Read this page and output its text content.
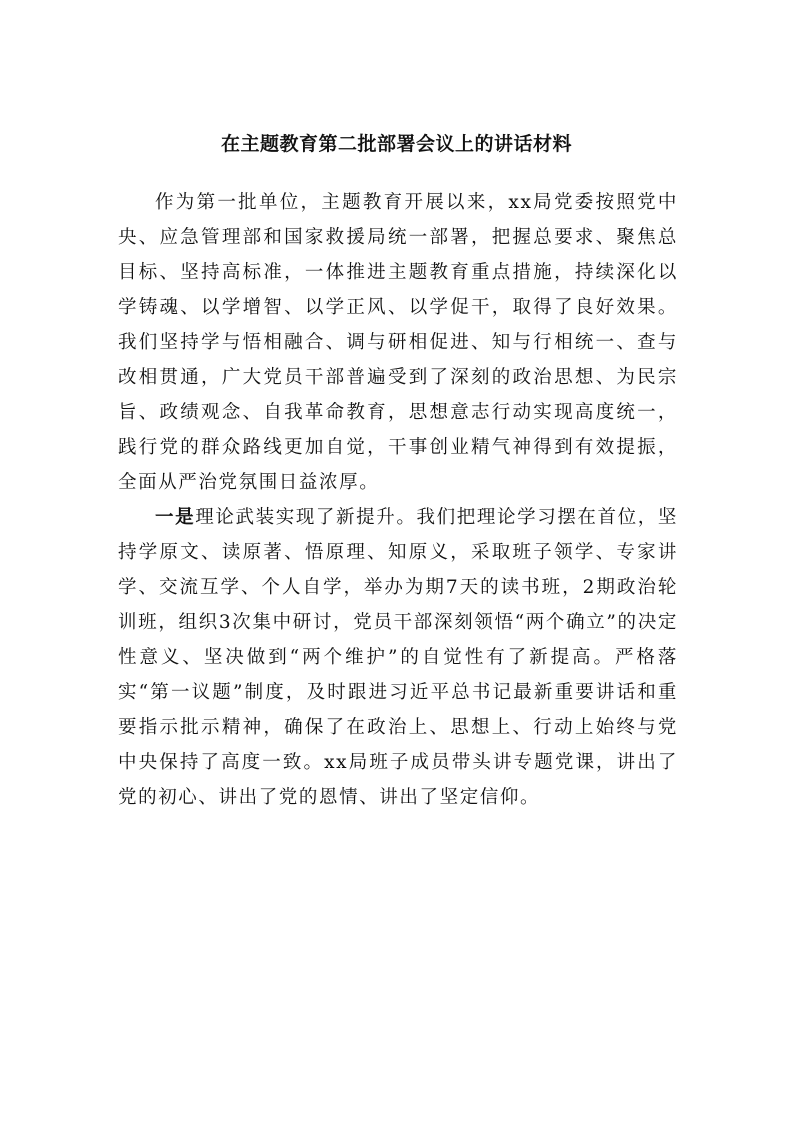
在主题教育第二批部署会议上的讲话材料

作为第一批单位，主题教育开展以来，xx局党委按照党中央、应急管理部和国家救援局统一部署，把握总要求、聚焦总目标、坚持高标准，一体推进主题教育重点措施，持续深化以学铸魂、以学增智、以学正风、以学促干，取得了良好效果。我们坚持学与悟相融合、调与研相促进、知与行相统一、查与改相贯通，广大党员干部普遍受到了深刻的政治思想、为民宗旨、政绩观念、自我革命教育，思想意志行动实现高度统一，践行党的群众路线更加自觉，干事创业精气神得到有效提振，全面从严治党氛围日益浓厚。

一是理论武装实现了新提升。我们把理论学习摆在首位，坚持学原文、读原著、悟原理、知原义，采取班子领学、专家讲学、交流互学、个人自学，举办为期7天的读书班，2期政治轮训班，组织3次集中研讨，党员干部深刻领悟“两个确立”的决定性意义、坚决做到“两个维护”的自觉性有了新提高。严格落实“第一议题”制度，及时跟进习近平总书记最新重要讲话和重要指示批示精神，确保了在政治上、思想上、行动上始终与党中央保持了高度一致。xx局班子成员带头讲专题党课，讲出了党的初心、讲出了党的恩情、讲出了坚定信仰。
